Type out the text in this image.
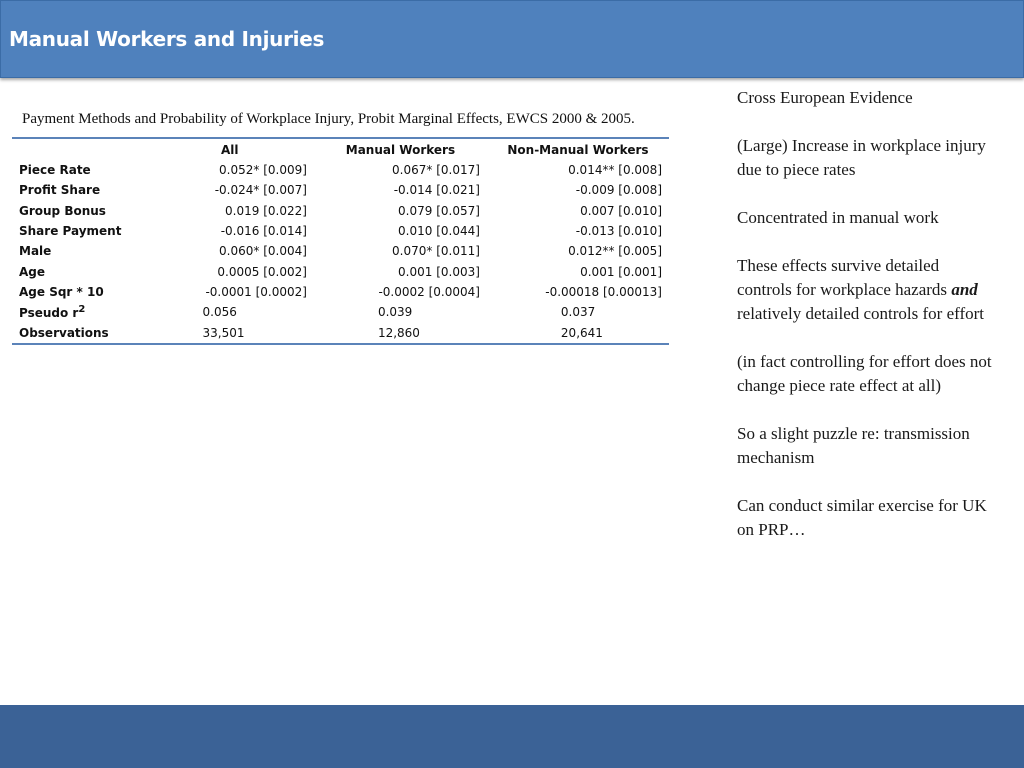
Manual Workers and Injuries
Payment Methods and Probability of Workplace Injury, Probit Marginal Effects, EWCS 2000 & 2005.
	All	Manual Workers	Non-Manual Workers
Piece Rate	0.052* [0.009]	0.067* [0.017]	0.014** [0.008]
Profit Share	-0.024* [0.007]	-0.014 [0.021]	-0.009 [0.008]
Group Bonus	0.019 [0.022]	0.079 [0.057]	0.007 [0.010]
Share Payment	-0.016 [0.014]	0.010 [0.044]	-0.013 [0.010]
Male	0.060* [0.004]	0.070* [0.011]	0.012** [0.005]
Age	0.0005 [0.002]	0.001 [0.003]	0.001 [0.001]
Age Sqr * 10	-0.0001 [0.0002]	-0.0002 [0.0004]	-0.00018 [0.00013]
Pseudo $r^2$	0.056	0.039	0.037
Observations	33,501	12,860	20,641

Cross European Evidence

(Large) Increase in workplace injury due to piece rates

Concentrated in manual work

These effects survive detailed controls for workplace hazards and relatively detailed controls for effort

(in fact controlling for effort does not change piece rate effect at all)

So a slight puzzle re: transmission mechanism

Can conduct similar exercise for UK on PRP…
